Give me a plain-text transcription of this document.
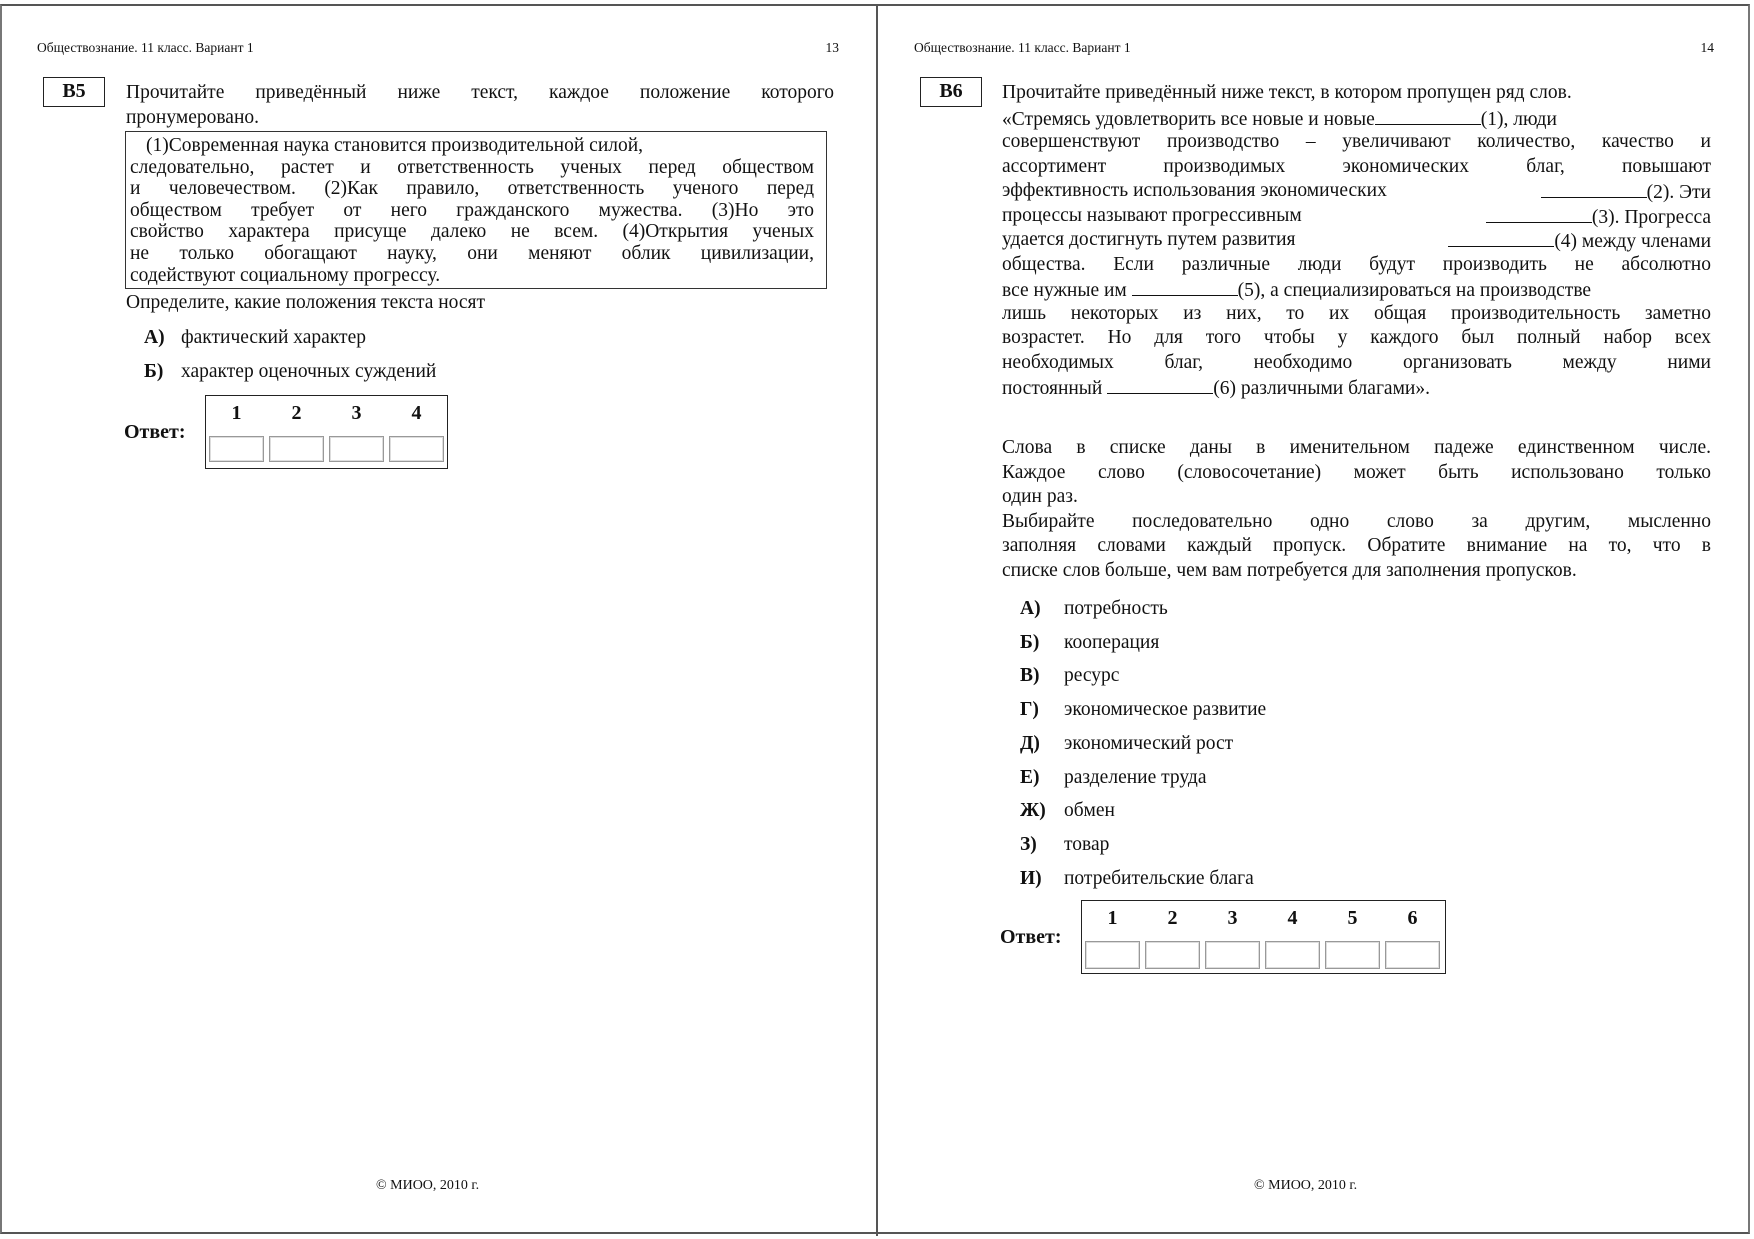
Обществознание. 11 класс. Вариант 1	13
B5	Прочитайте приведённый ниже текст, каждое положение которого
пронумеровано.
(1)Современная наука становится производительной силой,
следовательно, растет и ответственность ученых перед обществом
и человечеством. (2)Как правило, ответственность ученого перед
обществом требует от него гражданского мужества. (3)Но это
свойство характера присуще далеко не всем. (4)Открытия ученых
не только обогащают науку, они меняют облик цивилизации,
содействуют социальному прогрессу.
Определите, какие положения текста носят
А) фактический характер
Б) характер оценочных суждений
Ответ:
1	2	3	4
© МИОО, 2010 г.
Обществознание. 11 класс. Вариант 1	14
B6	Прочитайте приведённый ниже текст, в котором пропущен ряд слов.
«Стремясь удовлетворить все новые и новые	(1), люди
совершенствуют производство – увеличивают количество, качество и
ассортимент производимых экономических благ, повышают
эффективность использования экономических	(2). Эти
процессы называют прогрессивным	(3). Прогресса
удается достигнуть путем развития	(4) между членами
общества. Если различные люди будут производить не абсолютно
все нужные им	(5), а специализироваться на производстве
лишь некоторых из них, то их общая производительность заметно
возрастет. Но для того чтобы у каждого был полный набор всех
необходимых благ, необходимо организовать между ними
постоянный	(6) различными благами».
Слова в списке даны в именительном падеже единственном числе.
Каждое слово (словосочетание) может быть использовано только
один раз.
Выбирайте последовательно одно слово за другим, мысленно
заполняя словами каждый пропуск. Обратите внимание на то, что в
списке слов больше, чем вам потребуется для заполнения пропусков.
А) потребность
Б) кооперация
В) ресурс
Г) экономическое развитие
Д) экономический рост
Е) разделение труда
Ж) обмен
З) товар
И) потребительские блага
Ответ:
1	2	3	4	5	6
© МИОО, 2010 г.
